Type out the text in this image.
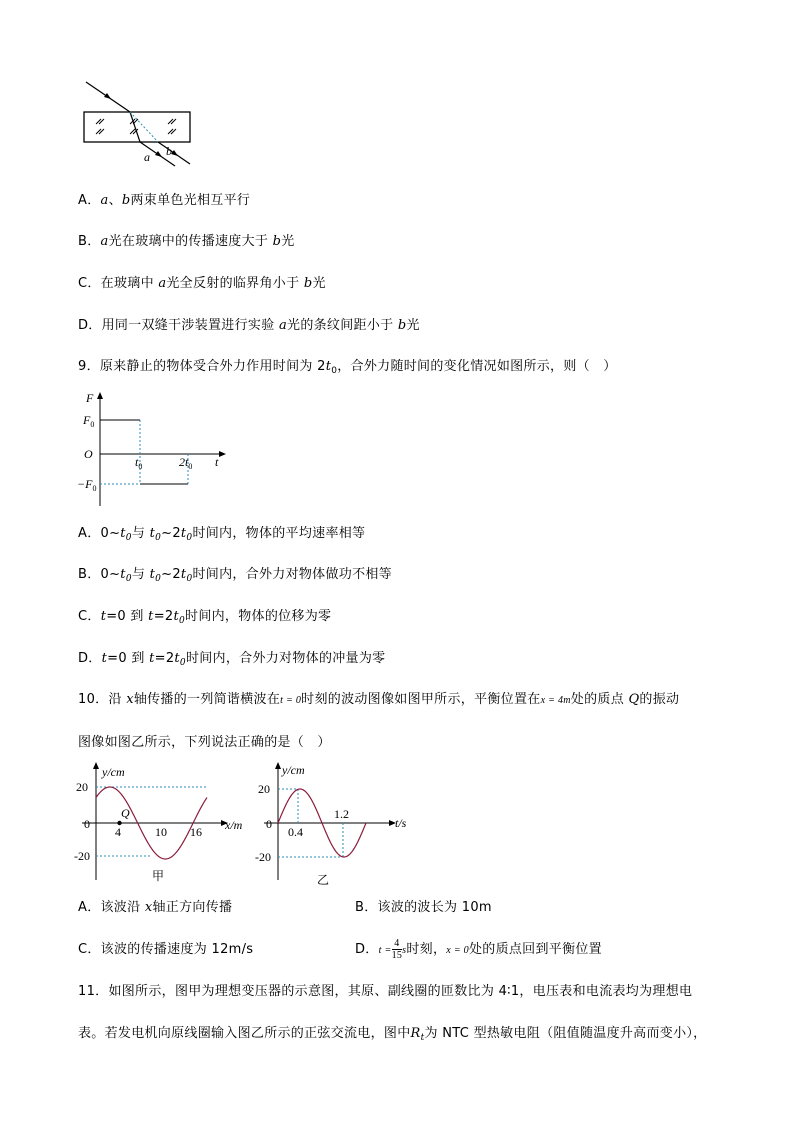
a b
A．a、b两束单色光相互平行
B．a光在玻璃中的传播速度大于 b光
C．在玻璃中 a光全反射的临界角小于 b光
D．用同一双缝干涉装置进行实验 a光的条纹间距小于 b光
9．原来静止的物体受合外力作用时间为 $2t_0$，合外力随时间的变化情况如图所示，则（　）
F
$F_0$
O
t
$t_0$	$2t_0$
$-F_0$
A．$0\sim t_0$与 $t_0\sim 2t_0$时间内，物体的平均速率相等
B．$0\sim t_0$与 $t_0\sim 2t_0$时间内，合外力对物体做功不相等
C．t=0 到 $t=2t_0$时间内，物体的位移为零
D．t=0 到 $t=2t_0$时间内，合外力对物体的冲量为零
10．沿 x轴传播的一列简谐横波在t = 0时刻的波动图像如图甲所示，平衡位置在x = 4m处的质点 Q的振动
图像如图乙所示，下列说法正确的是（　）
y/cm
x/m
20
0
-20
4	10 16
Q
甲
y/cm
t/s
20
0
-20
0.4
1.2
乙
A．该波沿 x轴正方向传播	B．该波的波长为 10m
C．该波的传播速度为 12m/s	D．$t = \frac{4}{15}$ s时刻，x = 0处的质点回到平衡位置
11．如图所示，图甲为理想变压器的示意图，其原、副线圈的匝数比为 4∶1，电压表和电流表均为理想电
表。若发电机向原线圈输入图乙所示的正弦交流电，图中$R_t$为 NTC 型热敏电阻（阻值随温度升高而变小），
